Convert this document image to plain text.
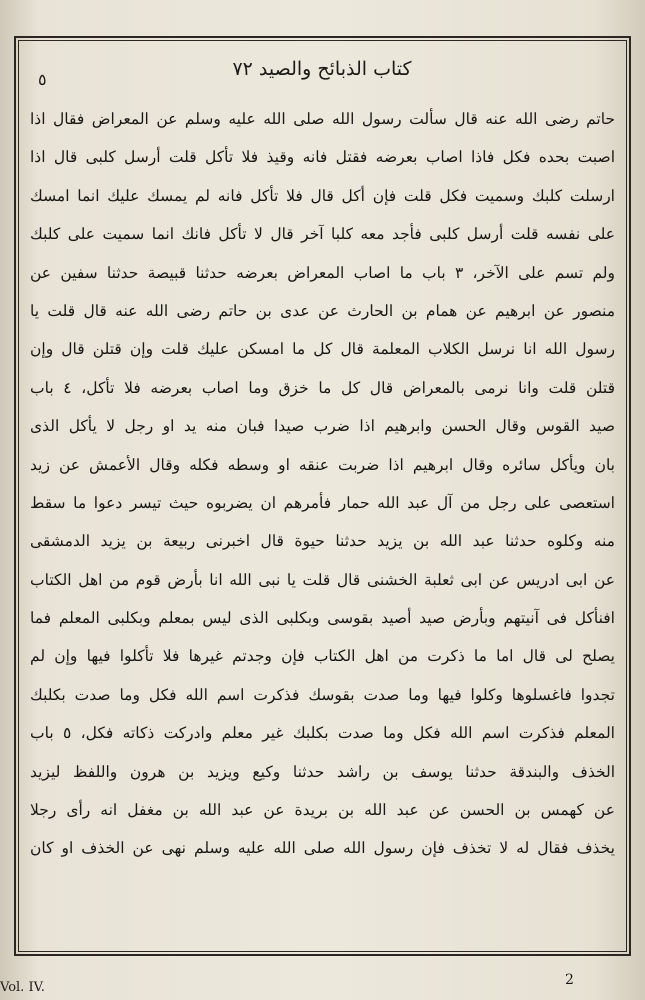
كتاب الذبائح والصيد ٧٢
٥
حاتم رضى الله عنه قال سألت رسول الله صلى الله عليه وسلم عن المعراض فقال اذا
اصبت بحده فكل فاذا اصاب بعرضه فقتل فانه وقيذ فلا تأكل قلت أرسل كلبى قال اذا
ارسلت كلبك وسميت فكل قلت فإن أكل قال فلا تأكل فانه لم يمسك عليك انما امسك
على نفسه قلت أرسل كلبى فأجد معه كلبا آخر قال لا تأكل فانك انما سميت على كلبك
ولم تسم على الآخر، ٣ باب ما اصاب المعراض بعرضه حدثنا قبيصة حدثنا سفين عن
منصور عن ابرهيم عن همام بن الحارث عن عدى بن حاتم رضى الله عنه قال قلت يا
رسول الله انا نرسل الكلاب المعلمة قال كل ما امسكن عليك قلت وإن قتلن قال وإن
قتلن قلت وانا نرمى بالمعراض قال كل ما خزق وما اصاب بعرضه فلا تأكل، ٤ باب
صيد القوس وقال الحسن وابرهيم اذا ضرب صيدا فبان منه يد او رجل لا يأكل الذى
بان ويأكل سائره وقال ابرهيم اذا ضربت عنقه او وسطه فكله وقال الأعمش عن زيد
استعصى على رجل من آل عبد الله حمار فأمرهم ان يضربوه حيث تيسر دعوا ما سقط
منه وكلوه حدثنا عبد الله بن يزيد حدثنا حيوة قال اخبرنى ربيعة بن يزيد الدمشقى
عن ابى ادريس عن ابى ثعلبة الخشنى قال قلت يا نبى الله انا بأرض قوم من اهل الكتاب
افنأكل فى آنيتهم وبأرض صيد أصيد بقوسى وبكلبى الذى ليس بمعلم وبكلبى المعلم فما
يصلح لى قال اما ما ذكرت من اهل الكتاب فإن وجدتم غيرها فلا تأكلوا فيها وإن لم
تجدوا فاغسلوها وكلوا فيها وما صدت بقوسك فذكرت اسم الله فكل وما صدت بكلبك
المعلم فذكرت اسم الله فكل وما صدت بكلبك غير معلم وادركت ذكاته فكل، ٥ باب
الخذف والبندقة حدثنا يوسف بن راشد حدثنا وكيع ويزيد بن هرون واللفظ ليزيد
عن كهمس بن الحسن عن عبد الله بن بريدة عن عبد الله بن مغفل انه رأى رجلا
يخذف فقال له لا تخذف فإن رسول الله صلى الله عليه وسلم نهى عن الخذف او كان
Vol. IV.	2
